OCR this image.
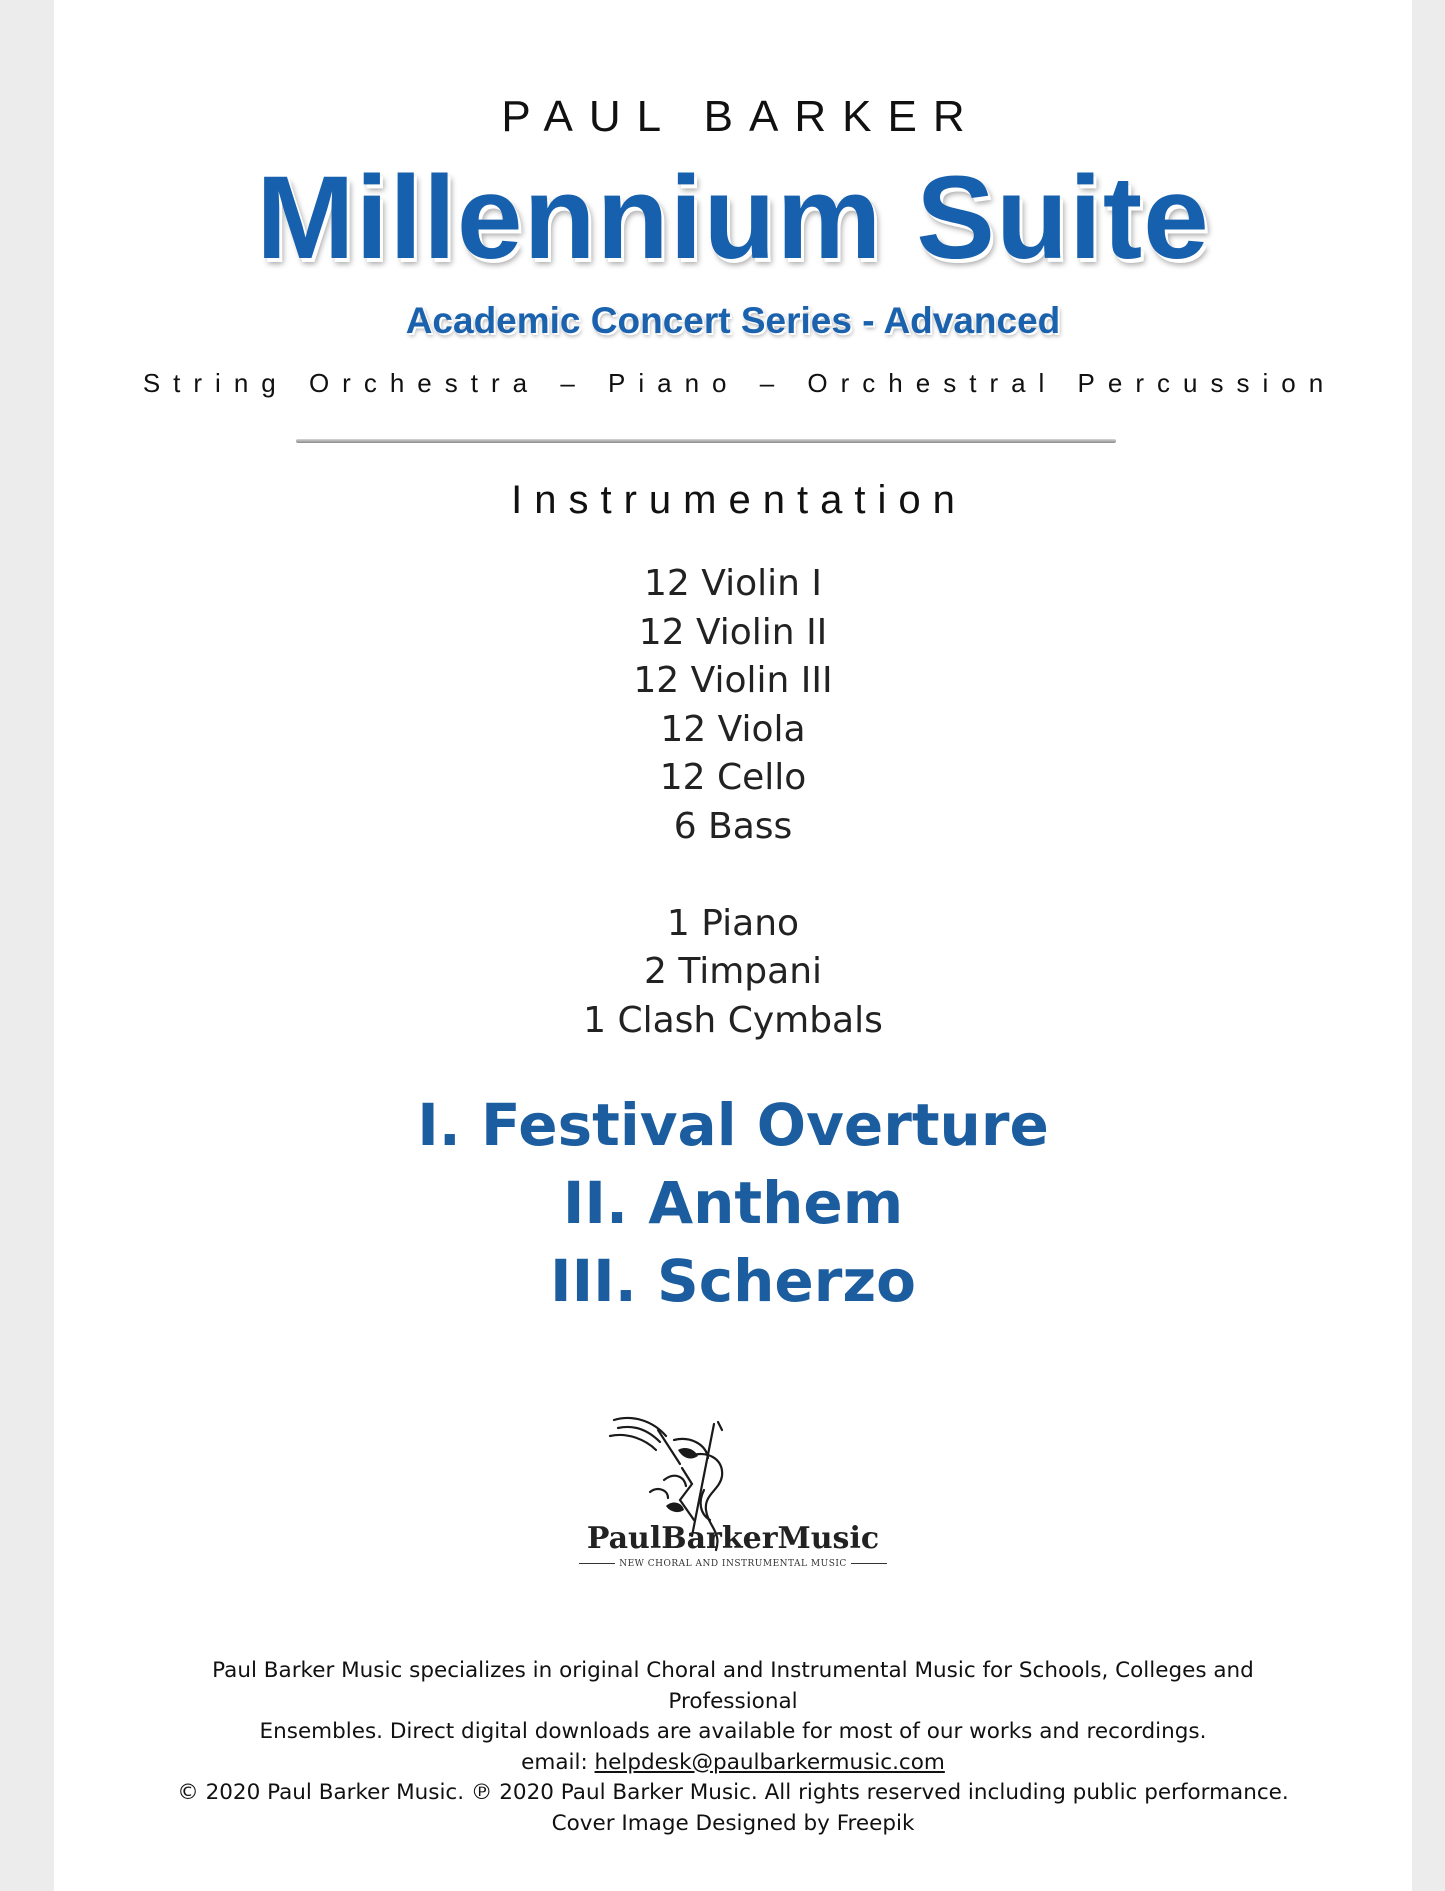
PAUL BARKER
Millennium Suite
Academic Concert Series - Advanced
String Orchestra – Piano – Orchestral Percussion
Instrumentation
12 Violin I
12 Violin II
12 Violin III
12 Viola
12 Cello
6 Bass
1 Piano
2 Timpani
1 Clash Cymbals
I. Festival Overture
II. Anthem
III. Scherzo
PaulBarkerMusic
NEW CHORAL AND INSTRUMENTAL MUSIC
Paul Barker Music specializes in original Choral and Instrumental Music for Schools, Colleges and Professional
Ensembles. Direct digital downloads are available for most of our works and recordings.
email: helpdesk@paulbarkermusic.com
© 2020 Paul Barker Music. ℗ 2020 Paul Barker Music. All rights reserved including public performance.
Cover Image Designed by Freepik
